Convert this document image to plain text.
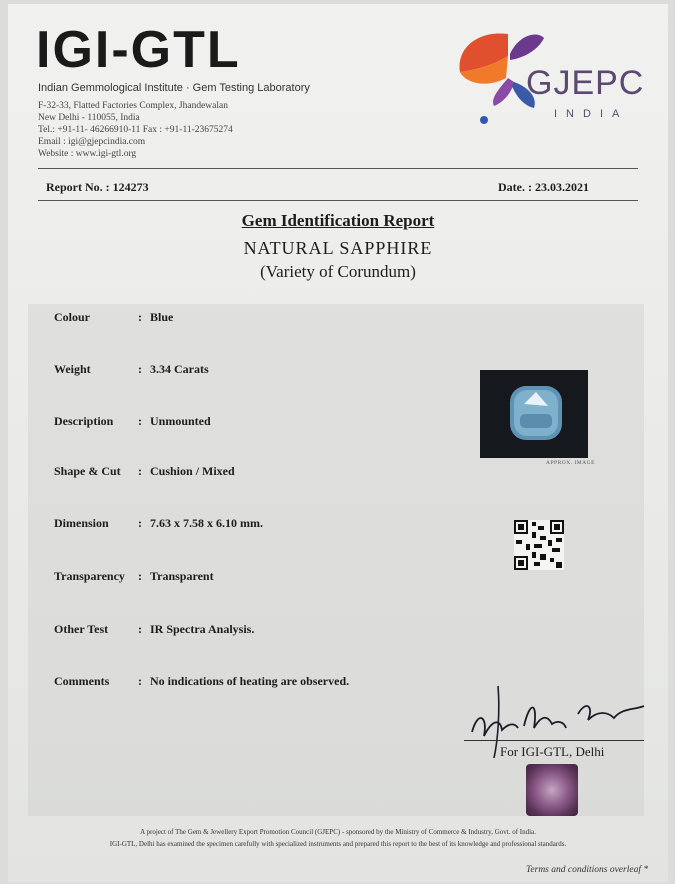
IGI-GTL
Indian Gemmological Institute · Gem Testing Laboratory
F-32-33, Flatted Factories Complex, Jhandewalan
New Delhi - 110055, India
Tel.: +91-11- 46266910-11 Fax : +91-11-23675274
Email : igi@gjepcindia.com
Website : www.igi-gtl.org
GJEPC
INDIA
Report No. : 124273	Date. : 23.03.2021
Gem Identification Report
NATURAL SAPPHIRE
(Variety of Corundum)
Colour	: Blue
Weight	: 3.34 Carats
Description : Unmounted
Shape & Cut : Cushion / Mixed
Dimension : 7.63 x 7.58 x 6.10 mm.
Transparency : Transparent
Other Test : IR Spectra Analysis.
Comments : No indications of heating are observed.
APPROX. IMAGE
For IGI-GTL, Delhi
A project of The Gem & Jewellery Export Promotion Council (GJEPC) - sponsored by the Ministry of Commerce & Industry, Govt. of India.
IGI-GTL, Delhi has examined the specimen carefully with specialized instruments and prepared this report to the best of its knowledge and professional standards.
Terms and conditions overleaf *
